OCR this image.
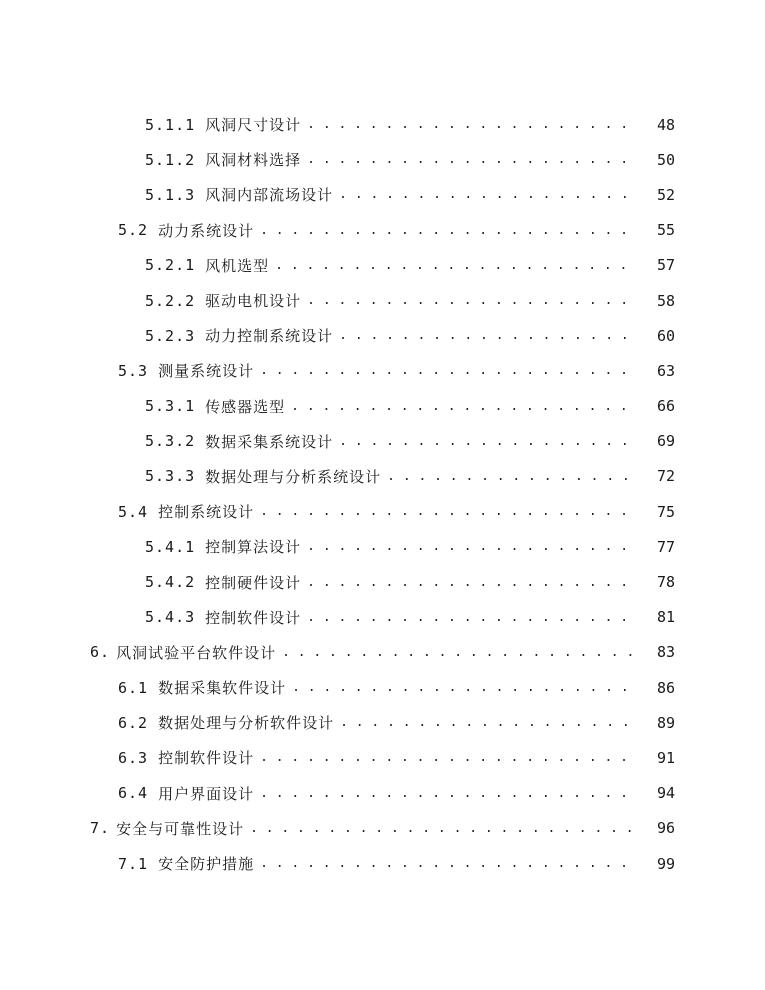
5.1.1 风洞尺寸设计 . . .	48
5.1.2 风洞材料选择 . . .	50
5.1.3 风洞内部流场设计 . . .	52
5.2 动力系统设计 . . .	55
5.2.1 风机选型 . . .	57
5.2.2 驱动电机设计 . . .	58
5.2.3 动力控制系统设计 . . .	60
5.3 测量系统设计 . . .	63
5.3.1 传感器选型 . . .	66
5.3.2 数据采集系统设计 . . .	69
5.3.3 数据处理与分析系统设计 . . .	72
5.4 控制系统设计 . . .	75
5.4.1 控制算法设计 . . .	77
5.4.2 控制硬件设计 . . .	78
5.4.3 控制软件设计 . . .	81
6. 风洞试验平台软件设计 . . .	83
6.1 数据采集软件设计 . . .	86
6.2 数据处理与分析软件设计 . . .	89
6.3 控制软件设计 . . .	91
6.4 用户界面设计 . . .	94
7. 安全与可靠性设计 . . .	96
7.1 安全防护措施 . . .	99
